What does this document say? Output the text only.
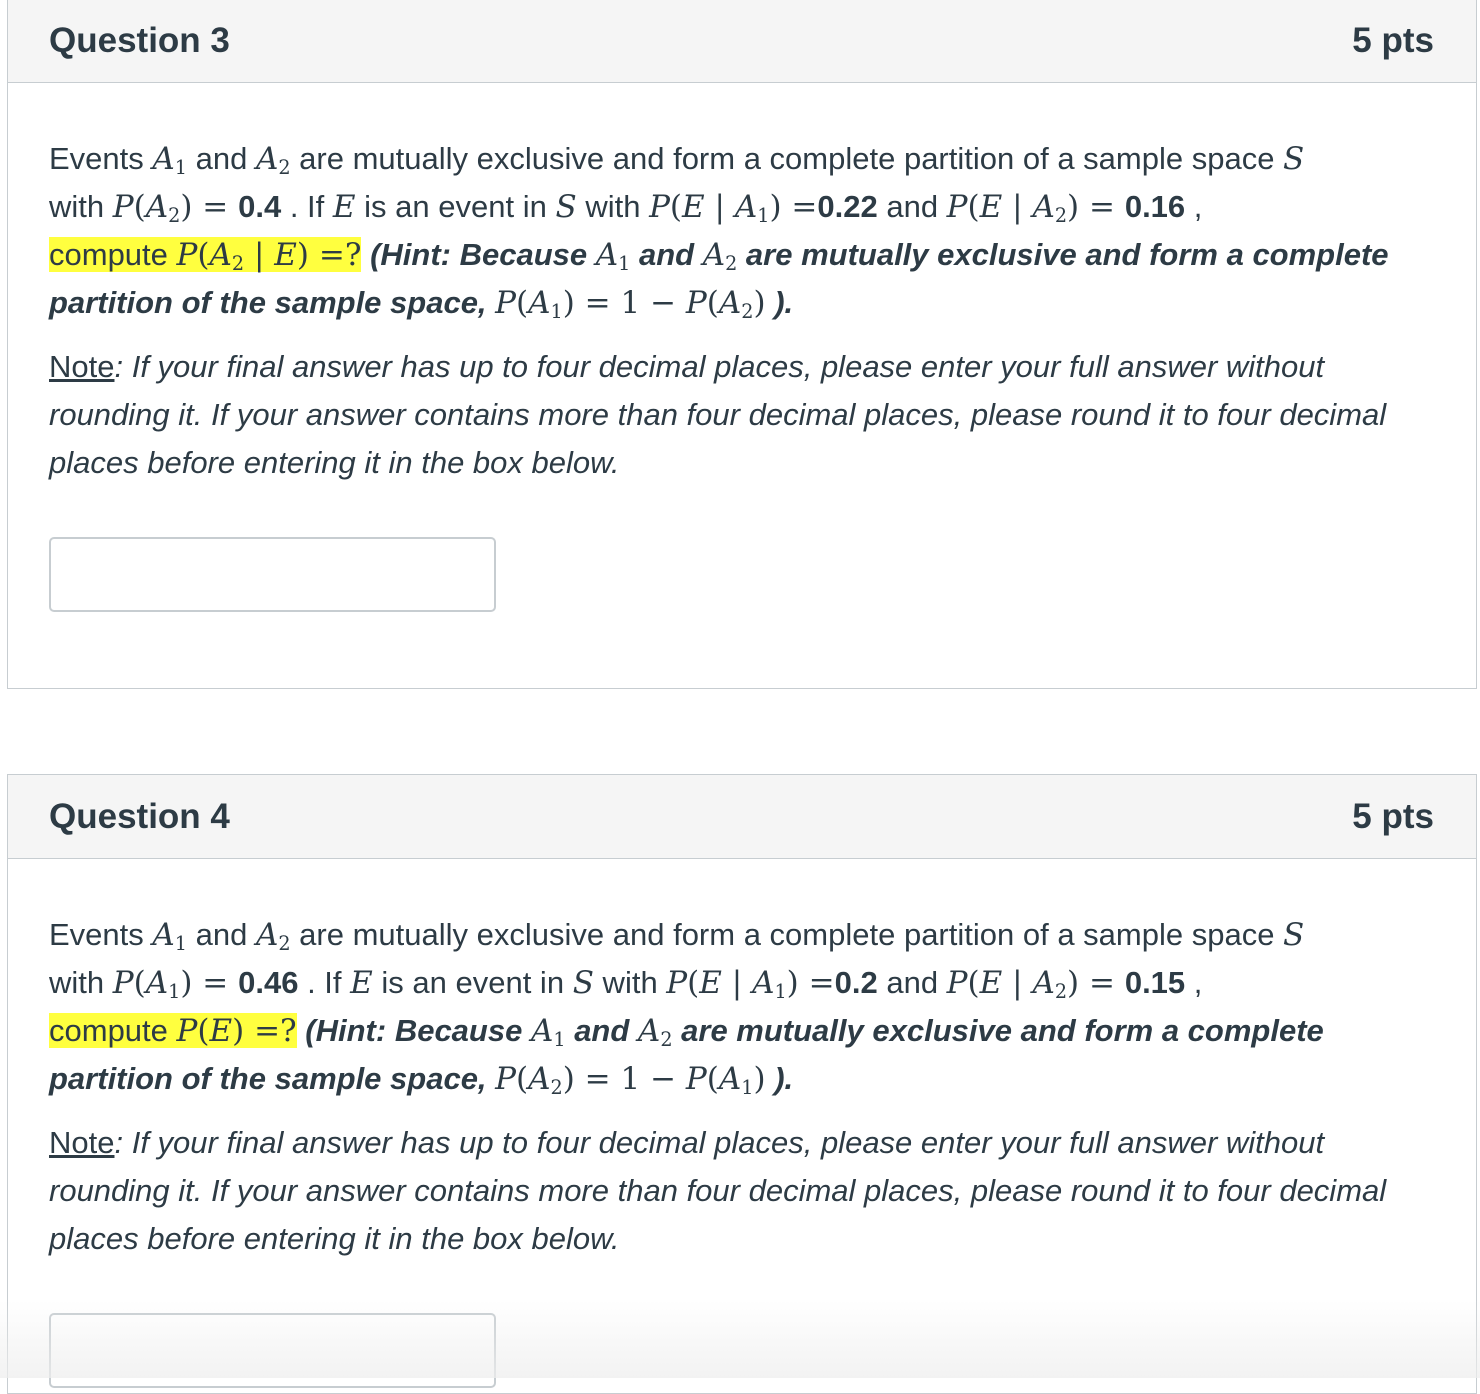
Question 3	5 pts

Events $A_1$ and $A_2$ are mutually exclusive and form a complete partition of a sample space S
with $P(A_2) = 0.4$ . If E is an event in S with P(E | $A_1) =0.22$ and P(E | $A_2) = 0.16$ ,
compute $P(A_2$ | E) =? (Hint: Because $A_1$ and $A_2$ are mutually exclusive and form a complete
partition of the sample space, $P(A_1) = 1 - P(A_2)$ ).

Note: If your final answer has up to four decimal places, please enter your full answer without rounding it. If your answer contains more than four decimal places, please round it to four decimal places before entering it in the box below.

Question 4	5 pts

Events $A_1$ and $A_2$ are mutually exclusive and form a complete partition of a sample space S
with $P(A_1) = 0.46$ . If E is an event in S with P(E | $A_1) =0.2$ and P(E | $A_2) = 0.15$ ,
compute P(E) =? (Hint: Because $A_1$ and $A_2$ are mutually exclusive and form a complete
partition of the sample space, $P(A_2) = 1 - P(A_1)$ ).

Note: If your final answer has up to four decimal places, please enter your full answer without rounding it. If your answer contains more than four decimal places, please round it to four decimal places before entering it in the box below.
